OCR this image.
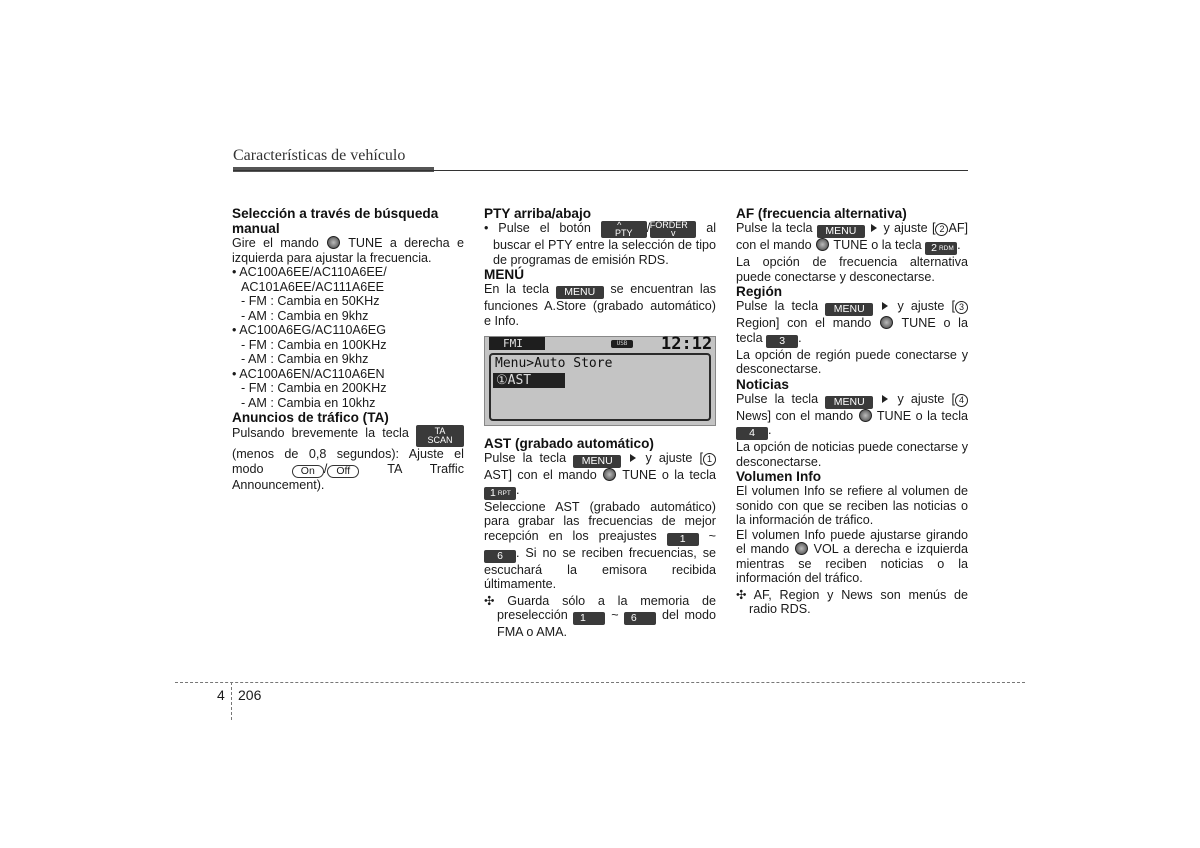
Características de vehículo
Selección a través de búsqueda manual

Gire el mando TUNE a derecha e izquierda para ajustar la frecuencia.

• AC100A6EE/AC110A6EE/

AC101A6EE/AC111A6EE

- FM : Cambia en 50KHz

- AM : Cambia en 9khz

• AC100A6EG/AC110A6EG

- FM : Cambia en 100KHz

- AM : Cambia en 9khz

• AC100A6EN/AC110A6EN

- FM : Cambia en 200KHz

- AM : Cambia en 10khz

Anuncios de tráfico (TA)

Pulsando brevemente la tecla	TA
SCAN (menos de 0,8 segundos): Ajuste el modo	On / Off	TA Traffic Announcement).

PTY arriba/abajo

• Pulse el botón	^
PTY /FORDER
v al buscar el PTY entre la selección de tipo de programas de emisión RDS.

MENÚ

En la tecla MENU se encuentran las funciones A.Store (grabado automático) e Info.

FMI	USB	12:12
Menu>Auto Store
①AST
AST (grabado automático)

Pulse la tecla MENU	y ajuste [ 1 AST] con el mando TUNE o la tecla 1 RPT .

Seleccione AST (grabado automático) para grabar las frecuencias de mejor recepción en los preajustes 1 ~ 6 . Si no se reciben frecuencias, se escuchará la emisora recibida últimamente.

✣ Guarda sólo a la memoria de preselección 1 ~ 6 del modo FMA o AMA.

AF (frecuencia alternativa)

Pulse la tecla MENU y ajuste [ 2 AF] con el mando TUNE o la tecla 2 RDM .

La opción de frecuencia alternativa puede conectarse y desconectarse.

Región

Pulse la tecla MENU	y ajuste [ 3 Region] con el mando TUNE o la tecla 3 .

La opción de región puede conectarse y desconectarse.

Noticias

Pulse la tecla MENU	y ajuste [ 4 News] con el mando TUNE o la tecla 4 .

La opción de noticias puede conectarse y desconectarse.

Volumen Info

El volumen Info se refiere al volumen de sonido con que se reciben las noticias o la información de tráfico.

El volumen Info puede ajustarse girando el mando VOL a derecha e izquierda mientras se reciben noticias o la información del tráfico.

✣ AF, Region y News son menús de radio RDS.

4 206
